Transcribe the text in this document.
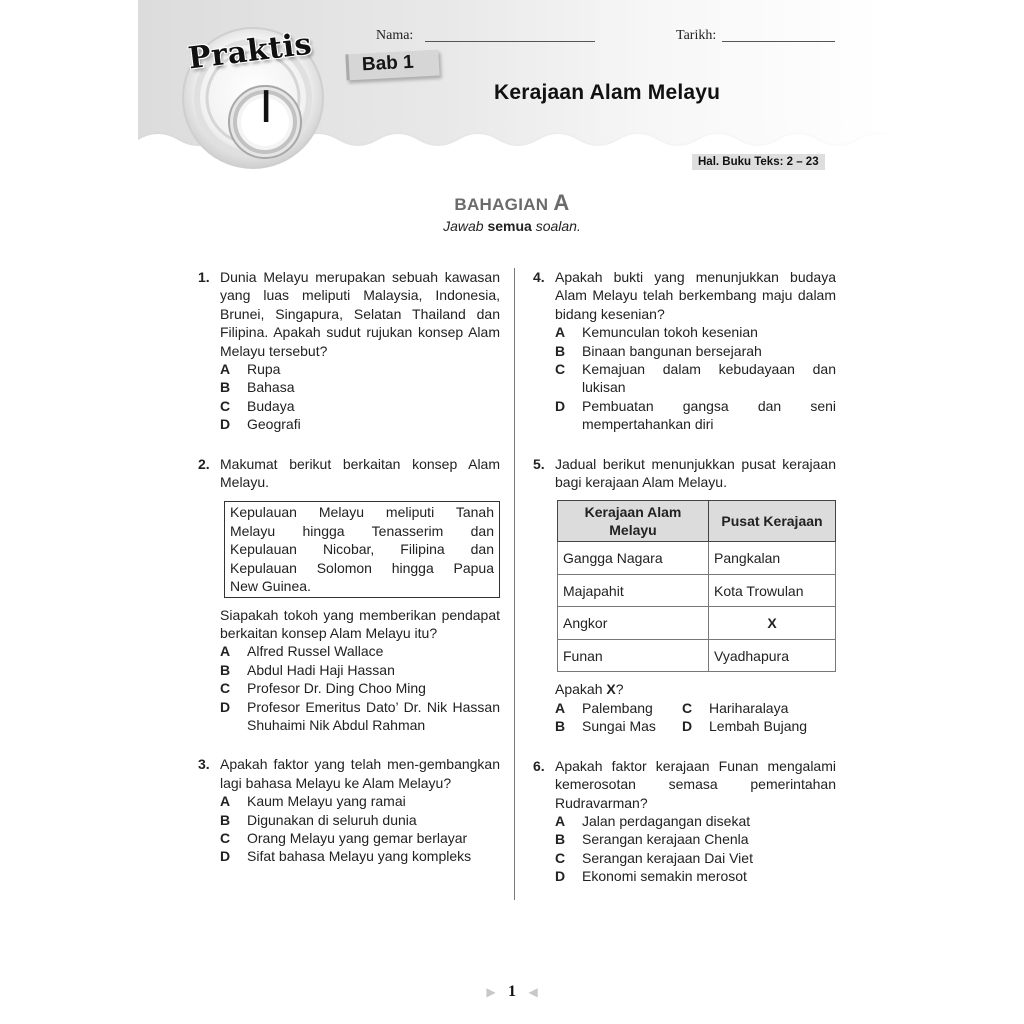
Praktis
I
Nama:	Tarikh:
Bab 1
Kerajaan Alam Melayu
Hal. Buku Teks: 2 – 23
BAHAGIAN A
Jawab semua soalan.
1. Dunia Melayu merupakan sebuah kawasan yang luas meliputi Malaysia, Indonesia, Brunei, Singapura, Selatan Thailand dan Filipina. Apakah sudut rujukan konsep Alam Melayu tersebut?
A	Rupa
B	Bahasa
C	Budaya
D	Geografi
2. Makumat berikut berkaitan konsep Alam Melayu.
Kepulauan Melayu meliputi Tanah
Melayu hingga Tenasserim dan
Kepulauan Nicobar, Filipina dan
Kepulauan Solomon hingga Papua
New Guinea.
Siapakah tokoh yang memberikan pendapat berkaitan konsep Alam Melayu itu?
A	Alfred Russel Wallace
B	Abdul Hadi Haji Hassan
C	Profesor Dr. Ding Choo Ming
D	Profesor Emeritus Dato’ Dr. Nik Hassan Shuhaimi Nik Abdul Rahman
3. Apakah faktor yang telah men-gembangkan lagi bahasa Melayu ke Alam Melayu?
A	Kaum Melayu yang ramai
B	Digunakan di seluruh dunia
C	Orang Melayu yang gemar berlayar
D	Sifat bahasa Melayu yang kompleks
4. Apakah bukti yang menunjukkan budaya Alam Melayu telah berkembang maju dalam bidang kesenian?
A	Kemunculan tokoh kesenian
B	Binaan bangunan bersejarah
C	Kemajuan dalam kebudayaan dan lukisan
D	Pembuatan gangsa dan seni mempertahankan diri
5. Jadual berikut menunjukkan pusat kerajaan bagi kerajaan Alam Melayu.
Kerajaan Alam Melayu	Pusat Kerajaan
Gangga Nagara	Pangkalan
Majapahit	Kota Trowulan
Angkor	X
Funan	Vyadhapura
Apakah X?
A	Palembang	C	Hariharalaya
B	Sungai Mas	D	Lembah Bujang
6. Apakah faktor kerajaan Funan mengalami kemerosotan semasa pemerintahan Rudravarman?
A	Jalan perdagangan disekat
B	Serangan kerajaan Chenla
C	Serangan kerajaan Dai Viet
D	Ekonomi semakin merosot
▶ 1 ◀
